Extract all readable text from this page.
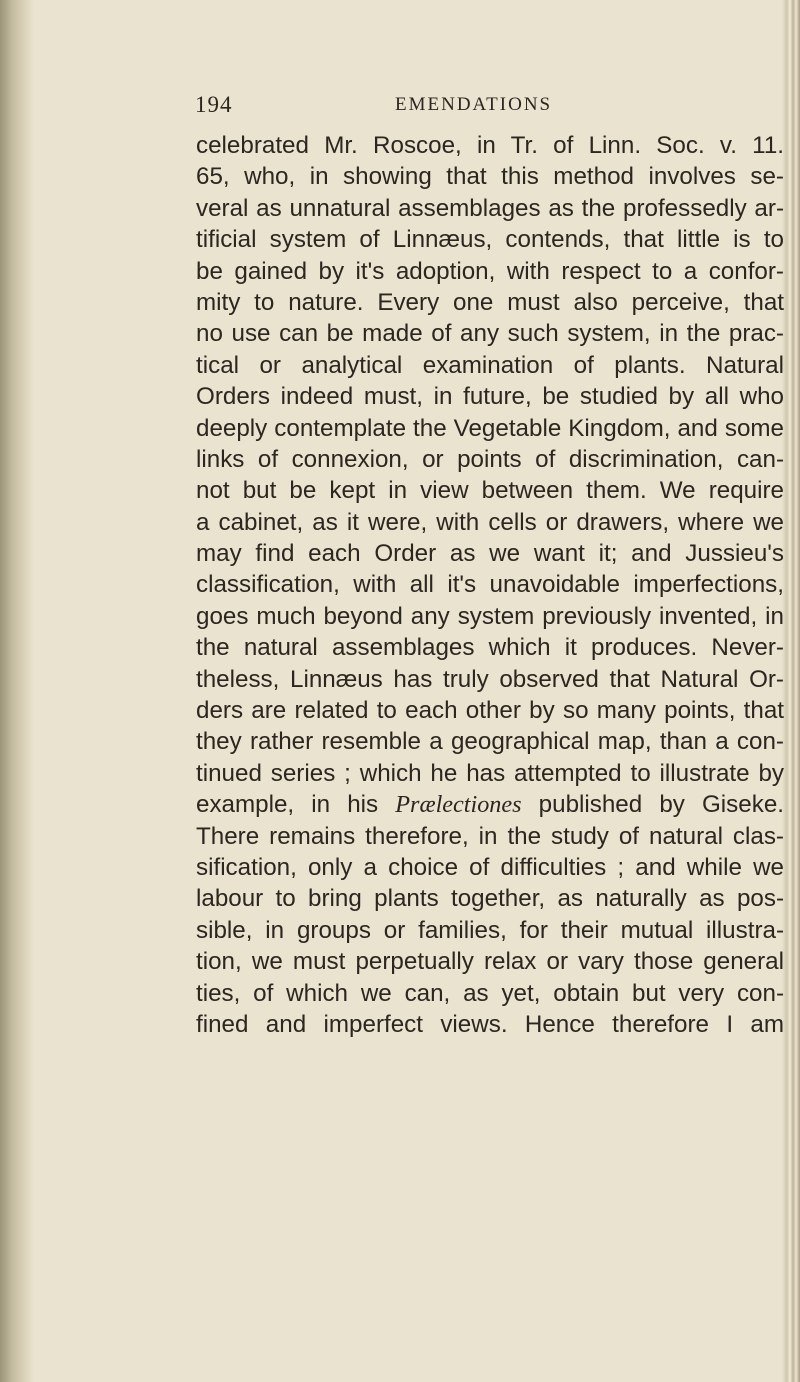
194	EMENDATIONS
celebrated Mr. Roscoe, in Tr. of Linn. Soc. v. 11.
65, who, in showing that this method involves se-
veral as unnatural assemblages as the professedly ar-
tificial system of Linnæus, contends, that little is to
be gained by it's adoption, with respect to a confor-
mity to nature. Every one must also perceive, that
no use can be made of any such system, in the prac-
tical or analytical examination of plants. Natural
Orders indeed must, in future, be studied by all who
deeply contemplate the Vegetable Kingdom, and some
links of connexion, or points of discrimination, can-
not but be kept in view between them. We require
a cabinet, as it were, with cells or drawers, where we
may find each Order as we want it; and Jussieu's
classification, with all it's unavoidable imperfections,
goes much beyond any system previously invented, in
the natural assemblages which it produces. Never-
theless, Linnæus has truly observed that Natural Or-
ders are related to each other by so many points, that
they rather resemble a geographical map, than a con-
tinued series ; which he has attempted to illustrate by
example, in his Prælectiones published by Giseke.
There remains therefore, in the study of natural clas-
sification, only a choice of difficulties ; and while we
labour to bring plants together, as naturally as pos-
sible, in groups or families, for their mutual illustra-
tion, we must perpetually relax or vary those general
ties, of which we can, as yet, obtain but very con-
fined and imperfect views. Hence therefore I am
